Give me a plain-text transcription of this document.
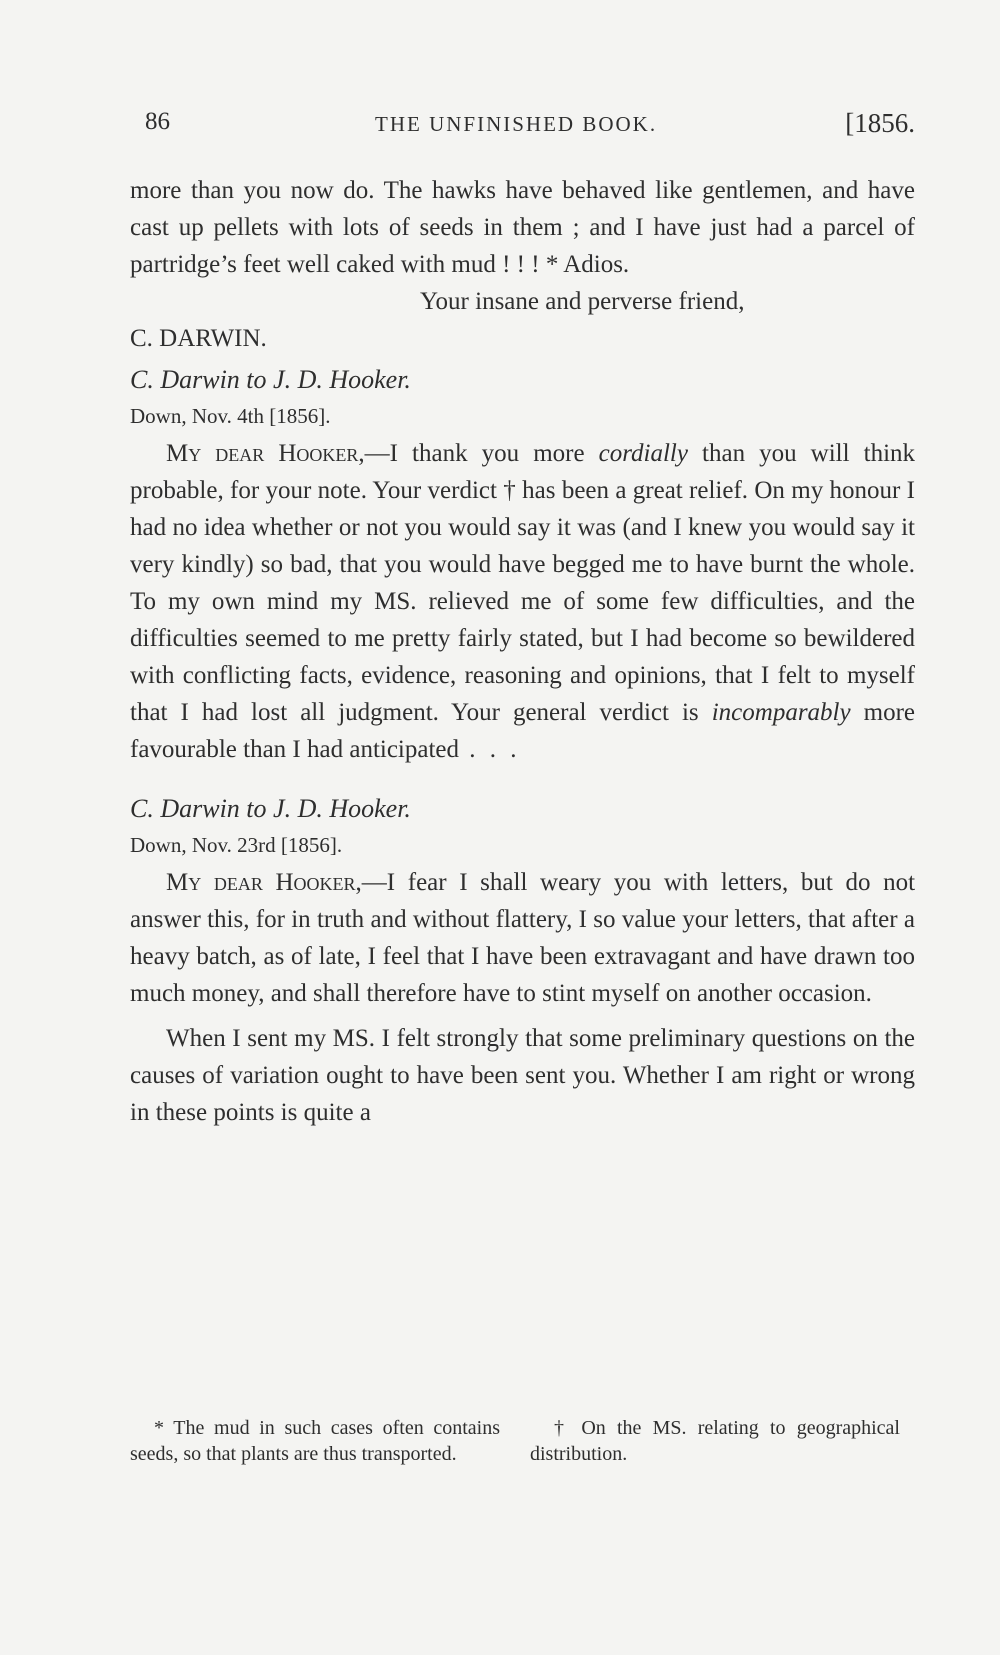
86	THE UNFINISHED BOOK.	[1856.

more than you now do. The hawks have behaved like gentlemen, and have cast up pellets with lots of seeds in them ; and I have just had a parcel of partridge’s feet well caked with mud ! ! ! * Adios.

Your insane and perverse friend,

C. DARWIN.

C. Darwin to J. D. Hooker.

Down, Nov. 4th [1856].

My dear Hooker,—I thank you more cordially than you will think probable, for your note. Your verdict † has been a great relief. On my honour I had no idea whether or not you would say it was (and I knew you would say it very kindly) so bad, that you would have begged me to have burnt the whole. To my own mind my MS. relieved me of some few difficulties, and the difficulties seemed to me pretty fairly stated, but I had become so bewildered with conflicting facts, evidence, reasoning and opinions, that I felt to myself that I had lost all judgment. Your general verdict is incomparably more favourable than I had anticipated . . .

C. Darwin to J. D. Hooker.

Down, Nov. 23rd [1856].

My dear Hooker,—I fear I shall weary you with letters, but do not answer this, for in truth and without flattery, I so value your letters, that after a heavy batch, as of late, I feel that I have been extravagant and have drawn too much money, and shall therefore have to stint myself on another occasion.

When I sent my MS. I felt strongly that some preliminary questions on the causes of variation ought to have been sent you. Whether I am right or wrong in these points is quite a

* The mud in such cases often contains seeds, so that plants are thus transported.

† On the MS. relating to geographical distribution.
